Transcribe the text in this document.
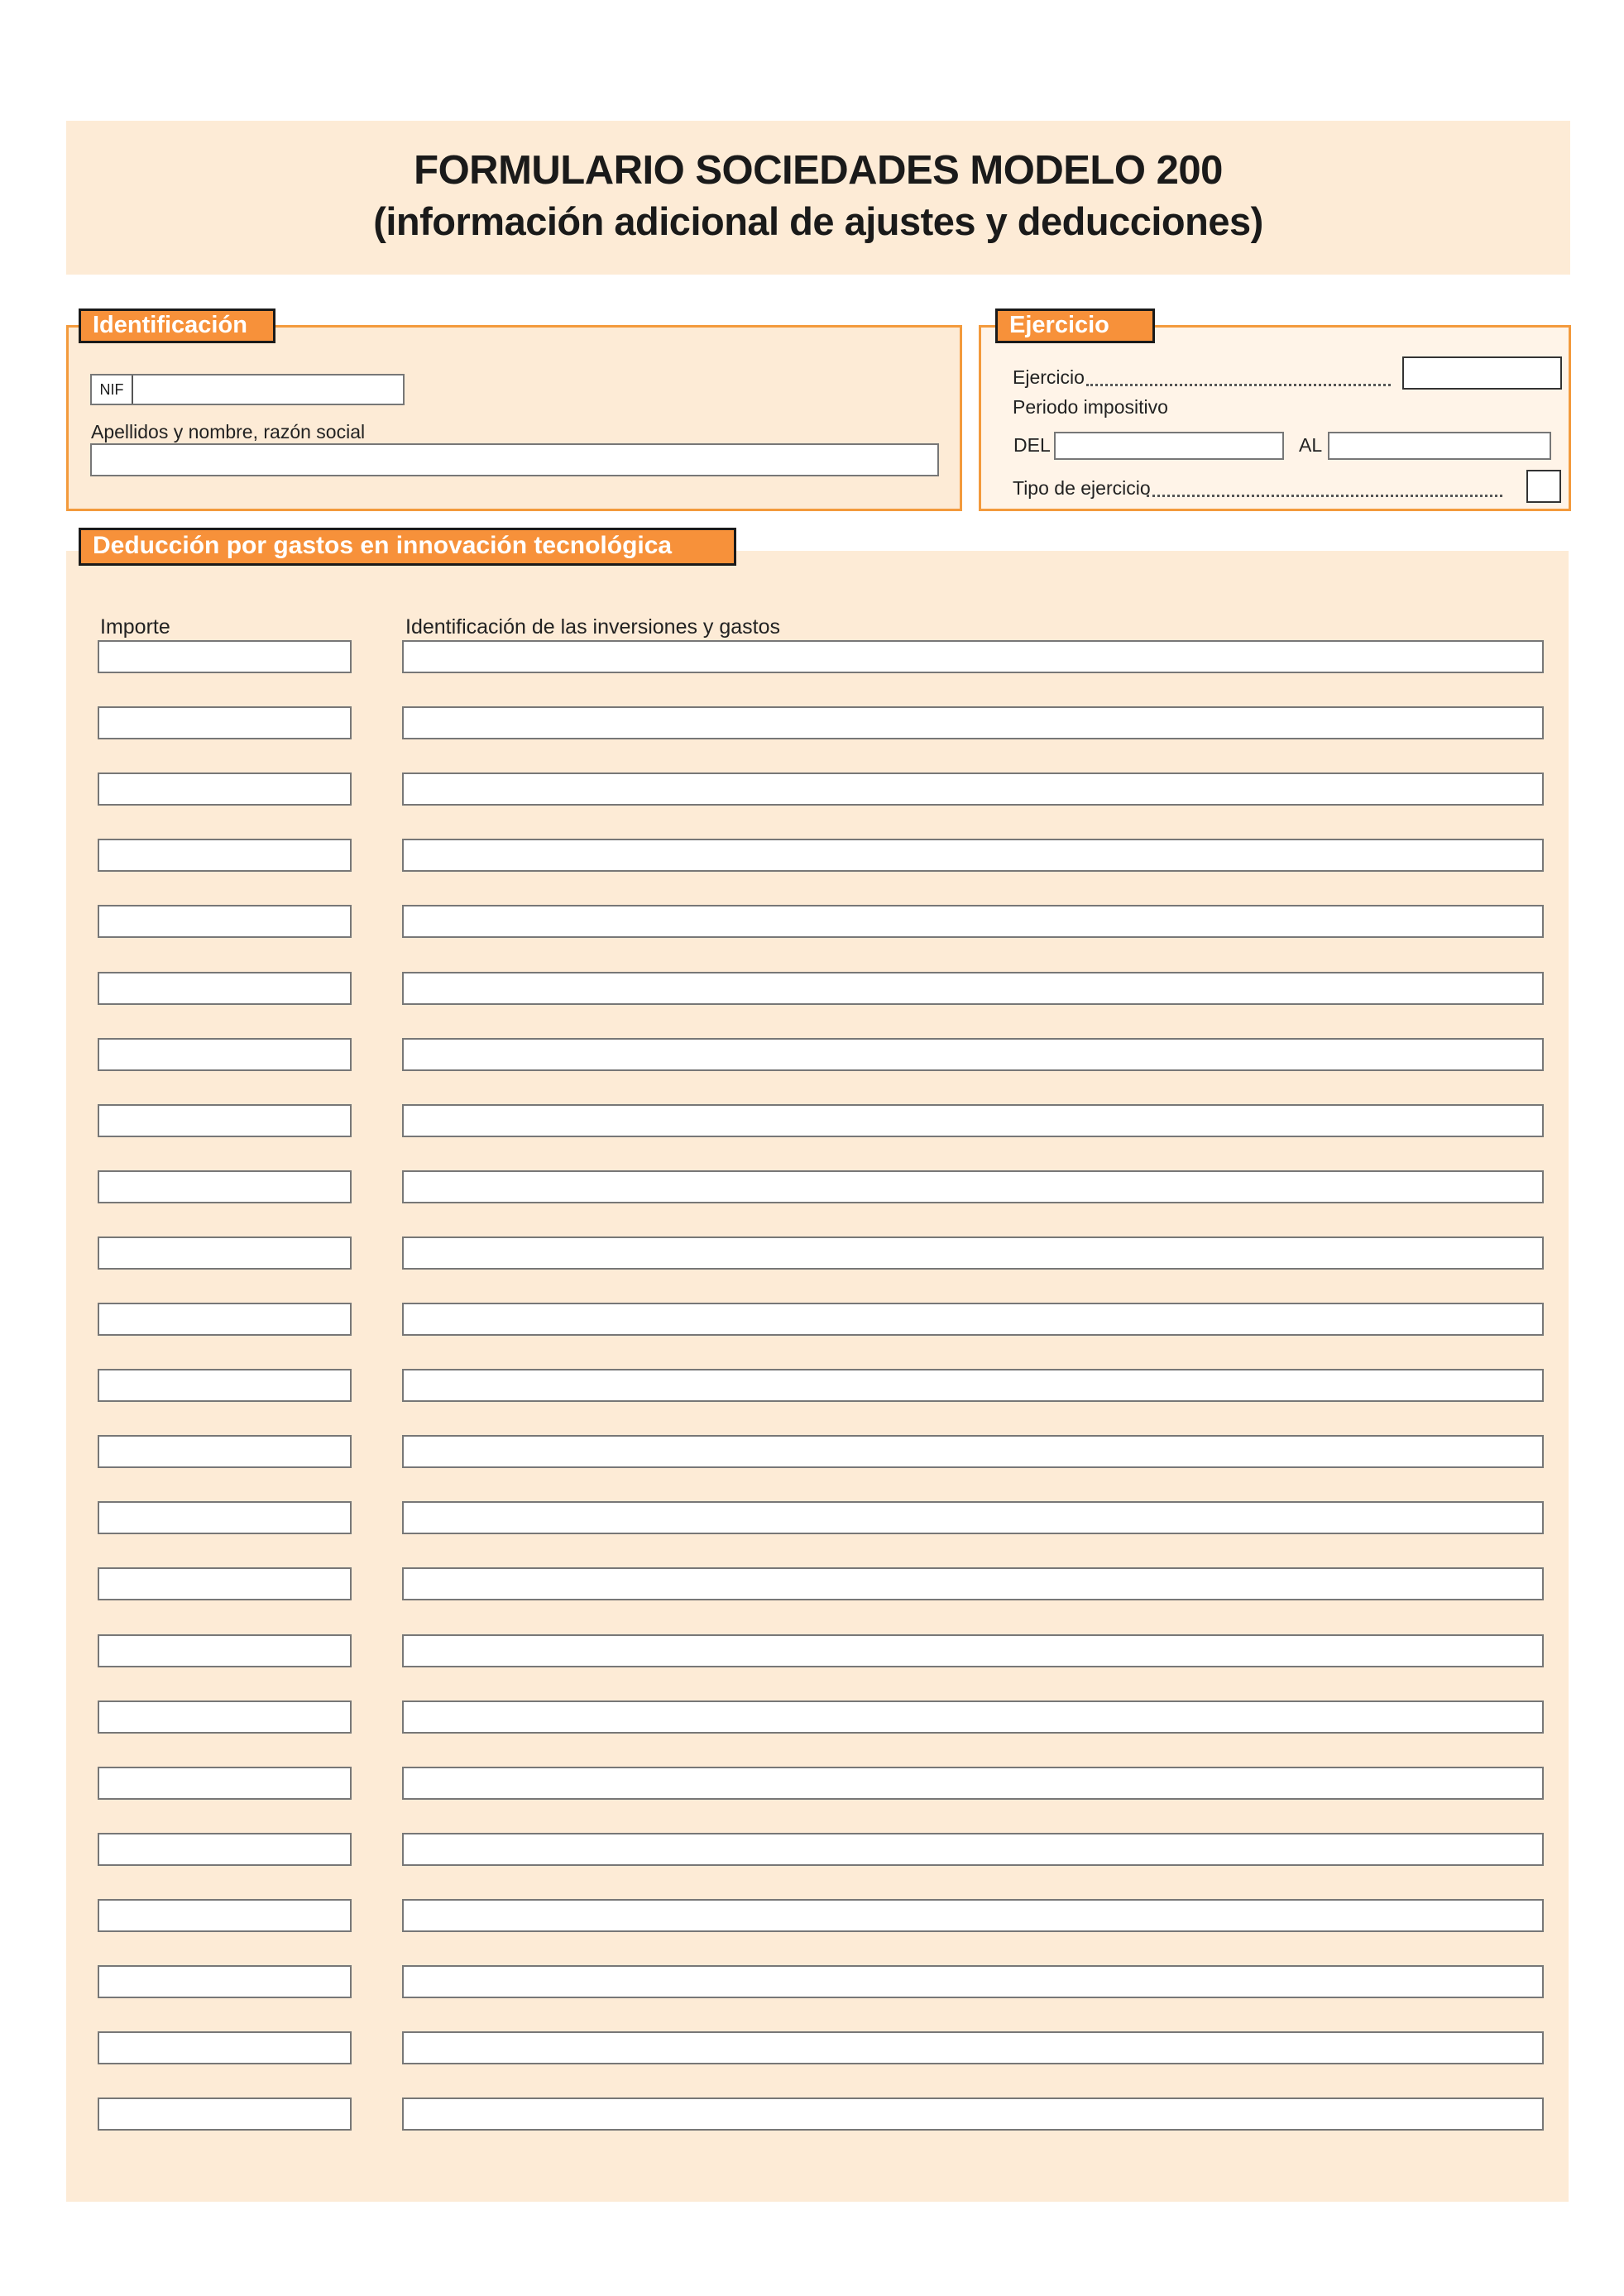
FORMULARIO SOCIEDADES MODELO 200
(información adicional de ajustes y deducciones)
Identificación
NIF
Apellidos y nombre, razón social
Ejercicio
Ejercicio
Periodo impositivo
DEL	AL
Tipo de ejercicio
Deducción por gastos en innovación tecnológica
Importe	Identificación de las inversiones y gastos
